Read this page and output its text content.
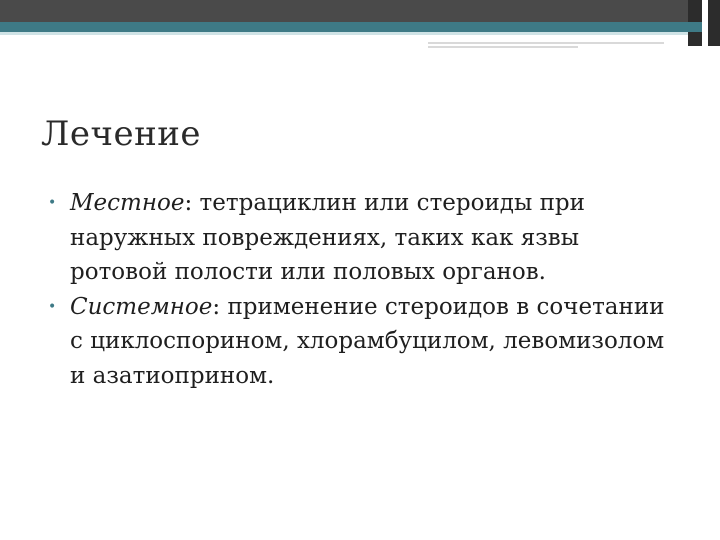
Лечение
• Местное: тетрациклин или стероиды при наружных повреждениях, таких как язвы ротовой полости или половых органов.
• Системное: применение стероидов в сочетании с циклоспорином, хлорамбуцилом, левомизолом и азатиоприном.
